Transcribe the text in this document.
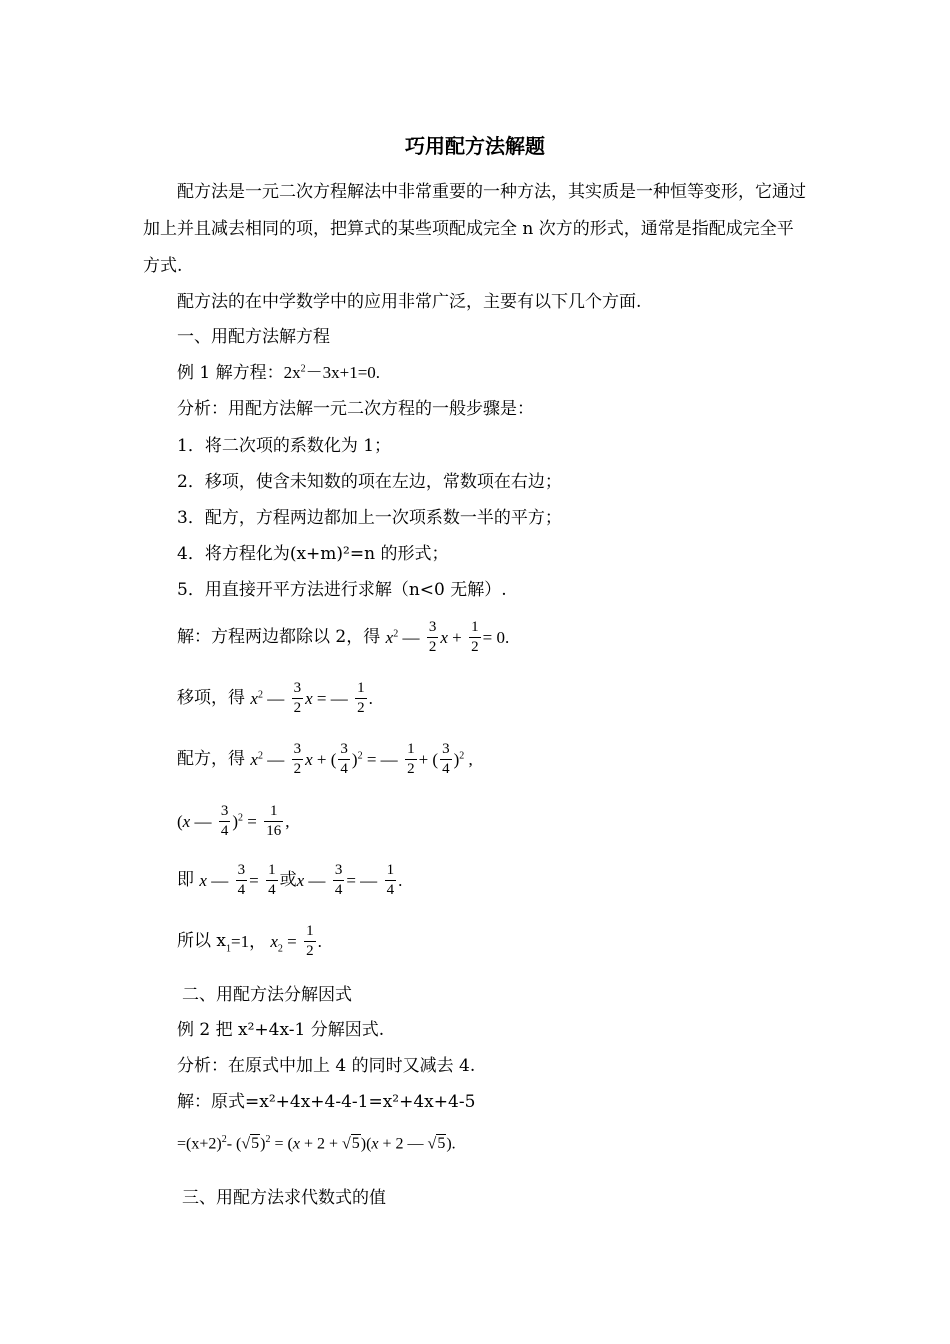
巧用配方法解题
配方法是一元二次方程解法中非常重要的一种方法，其实质是一种恒等变形，它通过加上并且减去相同的项，把算式的某些项配成完全 n 次方的形式，通常是指配成完全平方式.
配方法的在中学数学中的应用非常广泛，主要有以下几个方面.
一、用配方法解方程
例 1 解方程：$2x^2-3x+1=0$.
分析：用配方法解一元二次方程的一般步骤是：
1．将二次项的系数化为 1；
2．移项，使含未知数的项在左边，常数项在右边；
3．配方，方程两边都加上一次项系数一半的平方；
4．将方程化为(x+m)²=n 的形式；
5．用直接开平方法进行求解（n<0 无解）.
解：方程两边都除以 2，得 $x^2$ — $\frac{3}{2}$ $x + \frac{1}{2} = 0$.
移项，得 $x^2$ — $\frac{3}{2}$ x = — $\frac{1}{2}$ .
配方，得 $x^2$ — $\frac{3}{2}$ x + ( $\frac{3}{4} )^2$ = — $\frac{1}{2}$ + ( $\frac{3}{4} )^2$ ,
(x — $\frac{3}{4} )^2 = \frac{1}{16}$ ,
即 x — $\frac{3}{4} = \frac{1}{4}$ 或x — $\frac{3}{4}$ = — $\frac{1}{4}$ .
所以 $x_1=1$， $x_2 = \frac{1}{2}$ .
二、用配方法分解因式
例 2 把 x²+4x-1 分解因式.
分析：在原式中加上 4 的同时又减去 4.
解：原式=x²+4x+4-4-1=x²+4x+4-5
$=(x+2)^2-$ $(√5)^2 = (x + 2 + √5)(x + 2$ — √5).
三、用配方法求代数式的值
